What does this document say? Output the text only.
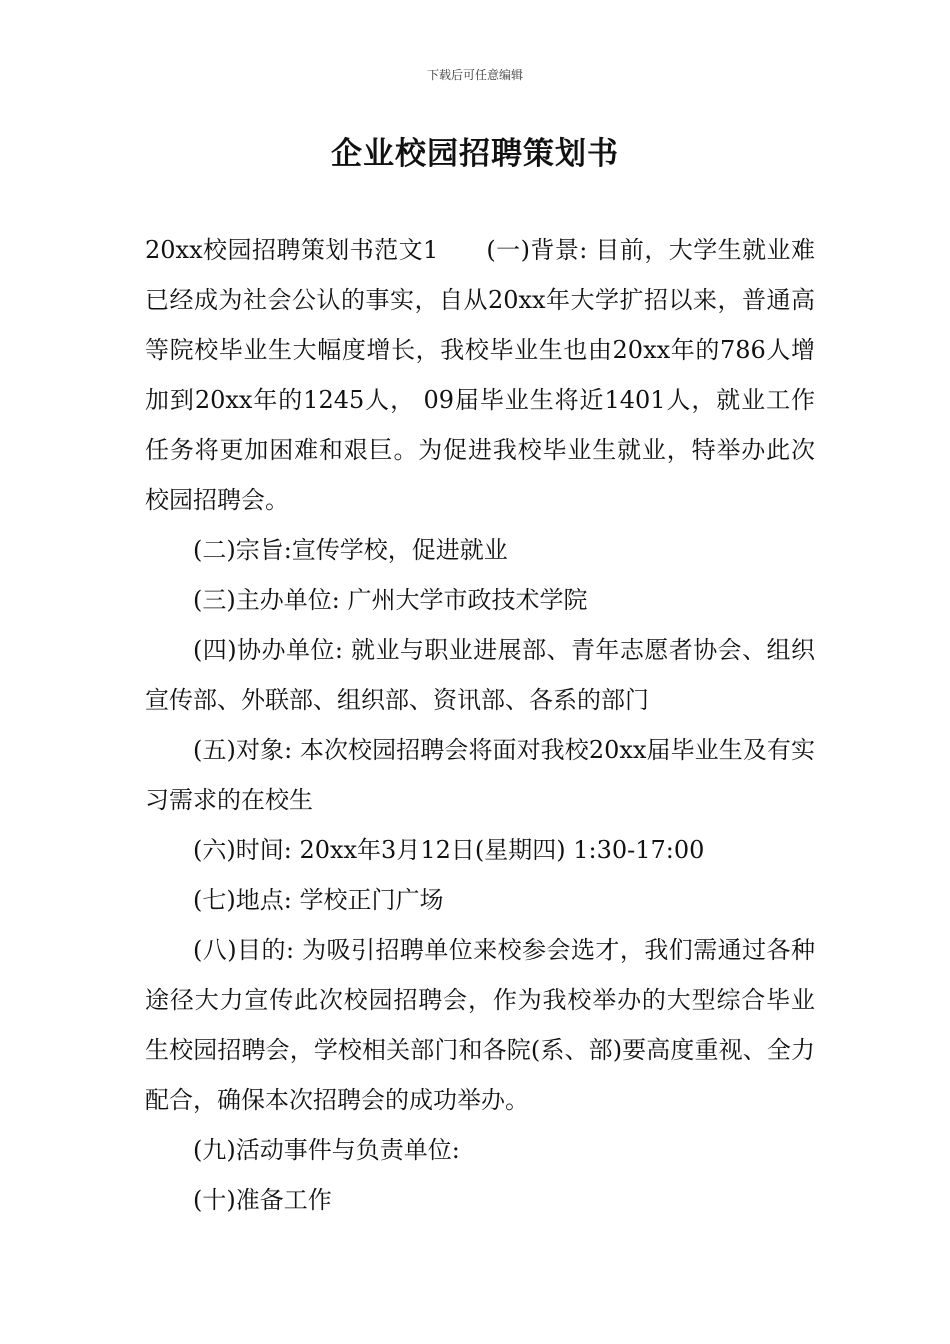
下载后可任意编辑
企业校园招聘策划书

20xx校园招聘策划书范文1 (一)背景: 目前，大学生就业难已经成为社会公认的事实，自从20xx年大学扩招以来，普通高等院校毕业生大幅度增长，我校毕业生也由20xx年的786人增加到20xx年的1245人， 09届毕业生将近1401人，就业工作任务将更加困难和艰巨。为促进我校毕业生就业，特举办此次校园招聘会。

(二)宗旨:宣传学校，促进就业

(三)主办单位: 广州大学市政技术学院

(四)协办单位: 就业与职业进展部、青年志愿者协会、组织宣传部、外联部、组织部、资讯部、各系的部门

(五)对象: 本次校园招聘会将面对我校20xx届毕业生及有实习需求的在校生

(六)时间: 20xx年3月12日(星期四) 1:30-17:00

(七)地点: 学校正门广场

(八)目的: 为吸引招聘单位来校参会选才，我们需通过各种途径大力宣传此次校园招聘会，作为我校举办的大型综合毕业生校园招聘会，学校相关部门和各院(系、部)要高度重视、全力配合，确保本次招聘会的成功举办。

(九)活动事件与负责单位:

(十)准备工作
